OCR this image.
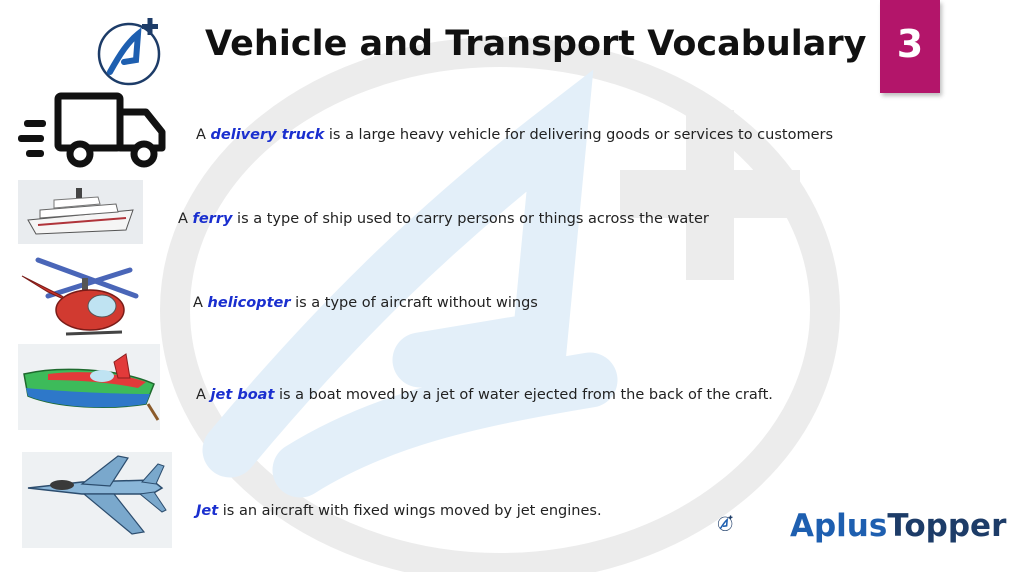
Vehicle and Transport Vocabulary 3
A delivery truck is a large heavy vehicle for delivering goods or services to customers
A ferry is a type of ship used to carry persons or things across the water
A helicopter is a type of aircraft without wings
A jet boat is a boat moved by a jet of water ejected from the back of the craft.
Jet is an aircraft with fixed wings moved by jet engines.	AplusTopper
